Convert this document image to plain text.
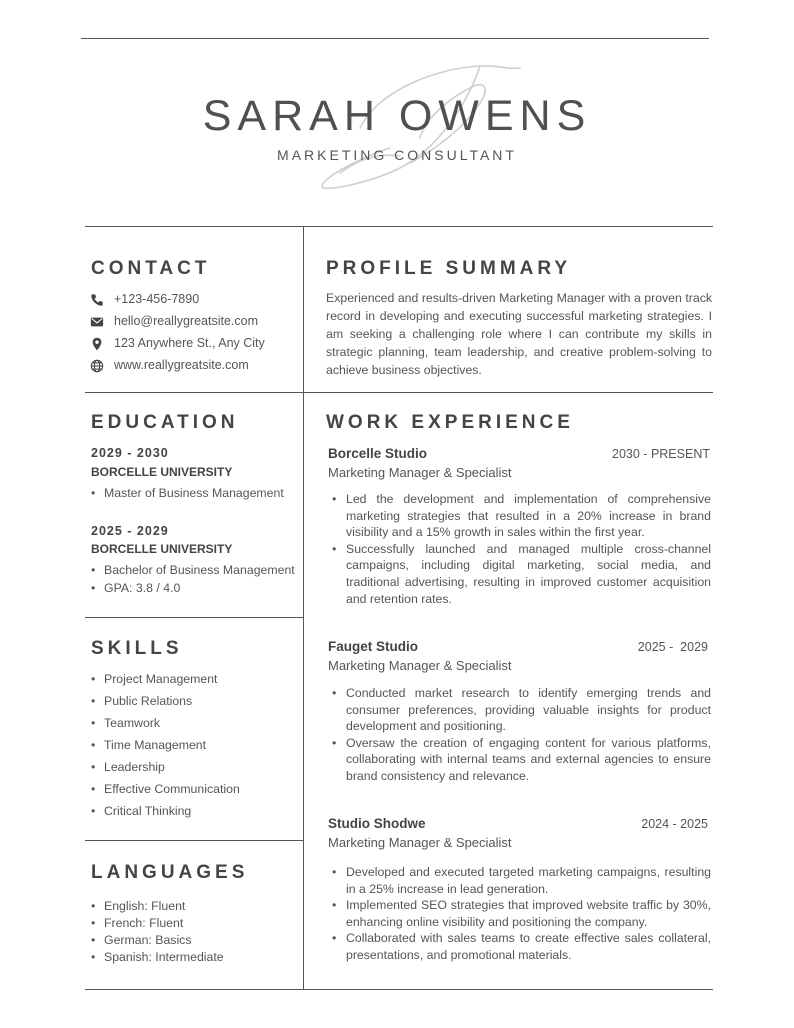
SARAH OWENS
MARKETING CONSULTANT
CONTACT
+123-456-7890
hello@reallygreatsite.com
123 Anywhere St., Any City
www.reallygreatsite.com
PROFILE SUMMARY
Experienced and results-driven Marketing Manager with a proven track record in developing and executing successful marketing strategies. I am seeking a challenging role where I can contribute my skills in strategic planning, team leadership, and creative problem-solving to achieve business objectives.
EDUCATION
2029 - 2030
BORCELLE UNIVERSITY
• Master of Business Management
2025 - 2029
BORCELLE UNIVERSITY
• Bachelor of Business Management
• GPA: 3.8 / 4.0
SKILLS
• Project Management
• Public Relations
• Teamwork
• Time Management
• Leadership
• Effective Communication
• Critical Thinking
LANGUAGES
• English: Fluent
• French: Fluent
• German: Basics
• Spanish: Intermediate
WORK EXPERIENCE
Borcelle Studio	2030 - PRESENT
Marketing Manager & Specialist
• Led the development and implementation of comprehensive marketing strategies that resulted in a 20% increase in brand visibility and a 15% growth in sales within the first year.
• Successfully launched and managed multiple cross-channel campaigns, including digital marketing, social media, and traditional advertising, resulting in improved customer acquisition and retention rates.
Fauget Studio	2025 -  2029
Marketing Manager & Specialist
• Conducted market research to identify emerging trends and consumer preferences, providing valuable insights for product development and positioning.
• Oversaw the creation of engaging content for various platforms, collaborating with internal teams and external agencies to ensure brand consistency and relevance.
Studio Shodwe	2024 - 2025
Marketing Manager & Specialist
• Developed and executed targeted marketing campaigns, resulting in a 25% increase in lead generation.
• Implemented SEO strategies that improved website traffic by 30%, enhancing online visibility and positioning the company.
• Collaborated with sales teams to create effective sales collateral, presentations, and promotional materials.
